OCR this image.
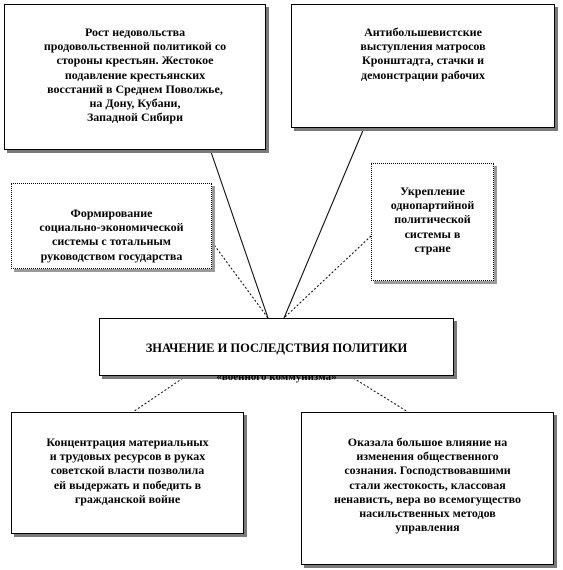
Рост недовольства
продовольственной политикой со
стороны крестьян. Жестокое
подавление крестьянских
восстаний в Среднем Поволжье,
на Дону, Кубани,
Западной Сибири

Антибольшевистские
выступления матросов
Кронштадта, стачки и
демонстрации рабочих

Формирование
социально-экономической
системы с тотальным
руководством государства

Укрепление
однопартийной
политической
системы в
стране

ЗНАЧЕНИЕ И ПОСЛЕДСТВИЯ ПОЛИТИКИ

«военного коммунизма»

Концентрация материальных
и трудовых ресурсов в руках
советской власти позволила
ей выдержать и победить в
гражданской войне

Оказала большое влияние на
изменения общественного
сознания. Господствовавшими
стали жестокость, классовая
ненависть, вера во всемогущество
насильственных методов
управления
